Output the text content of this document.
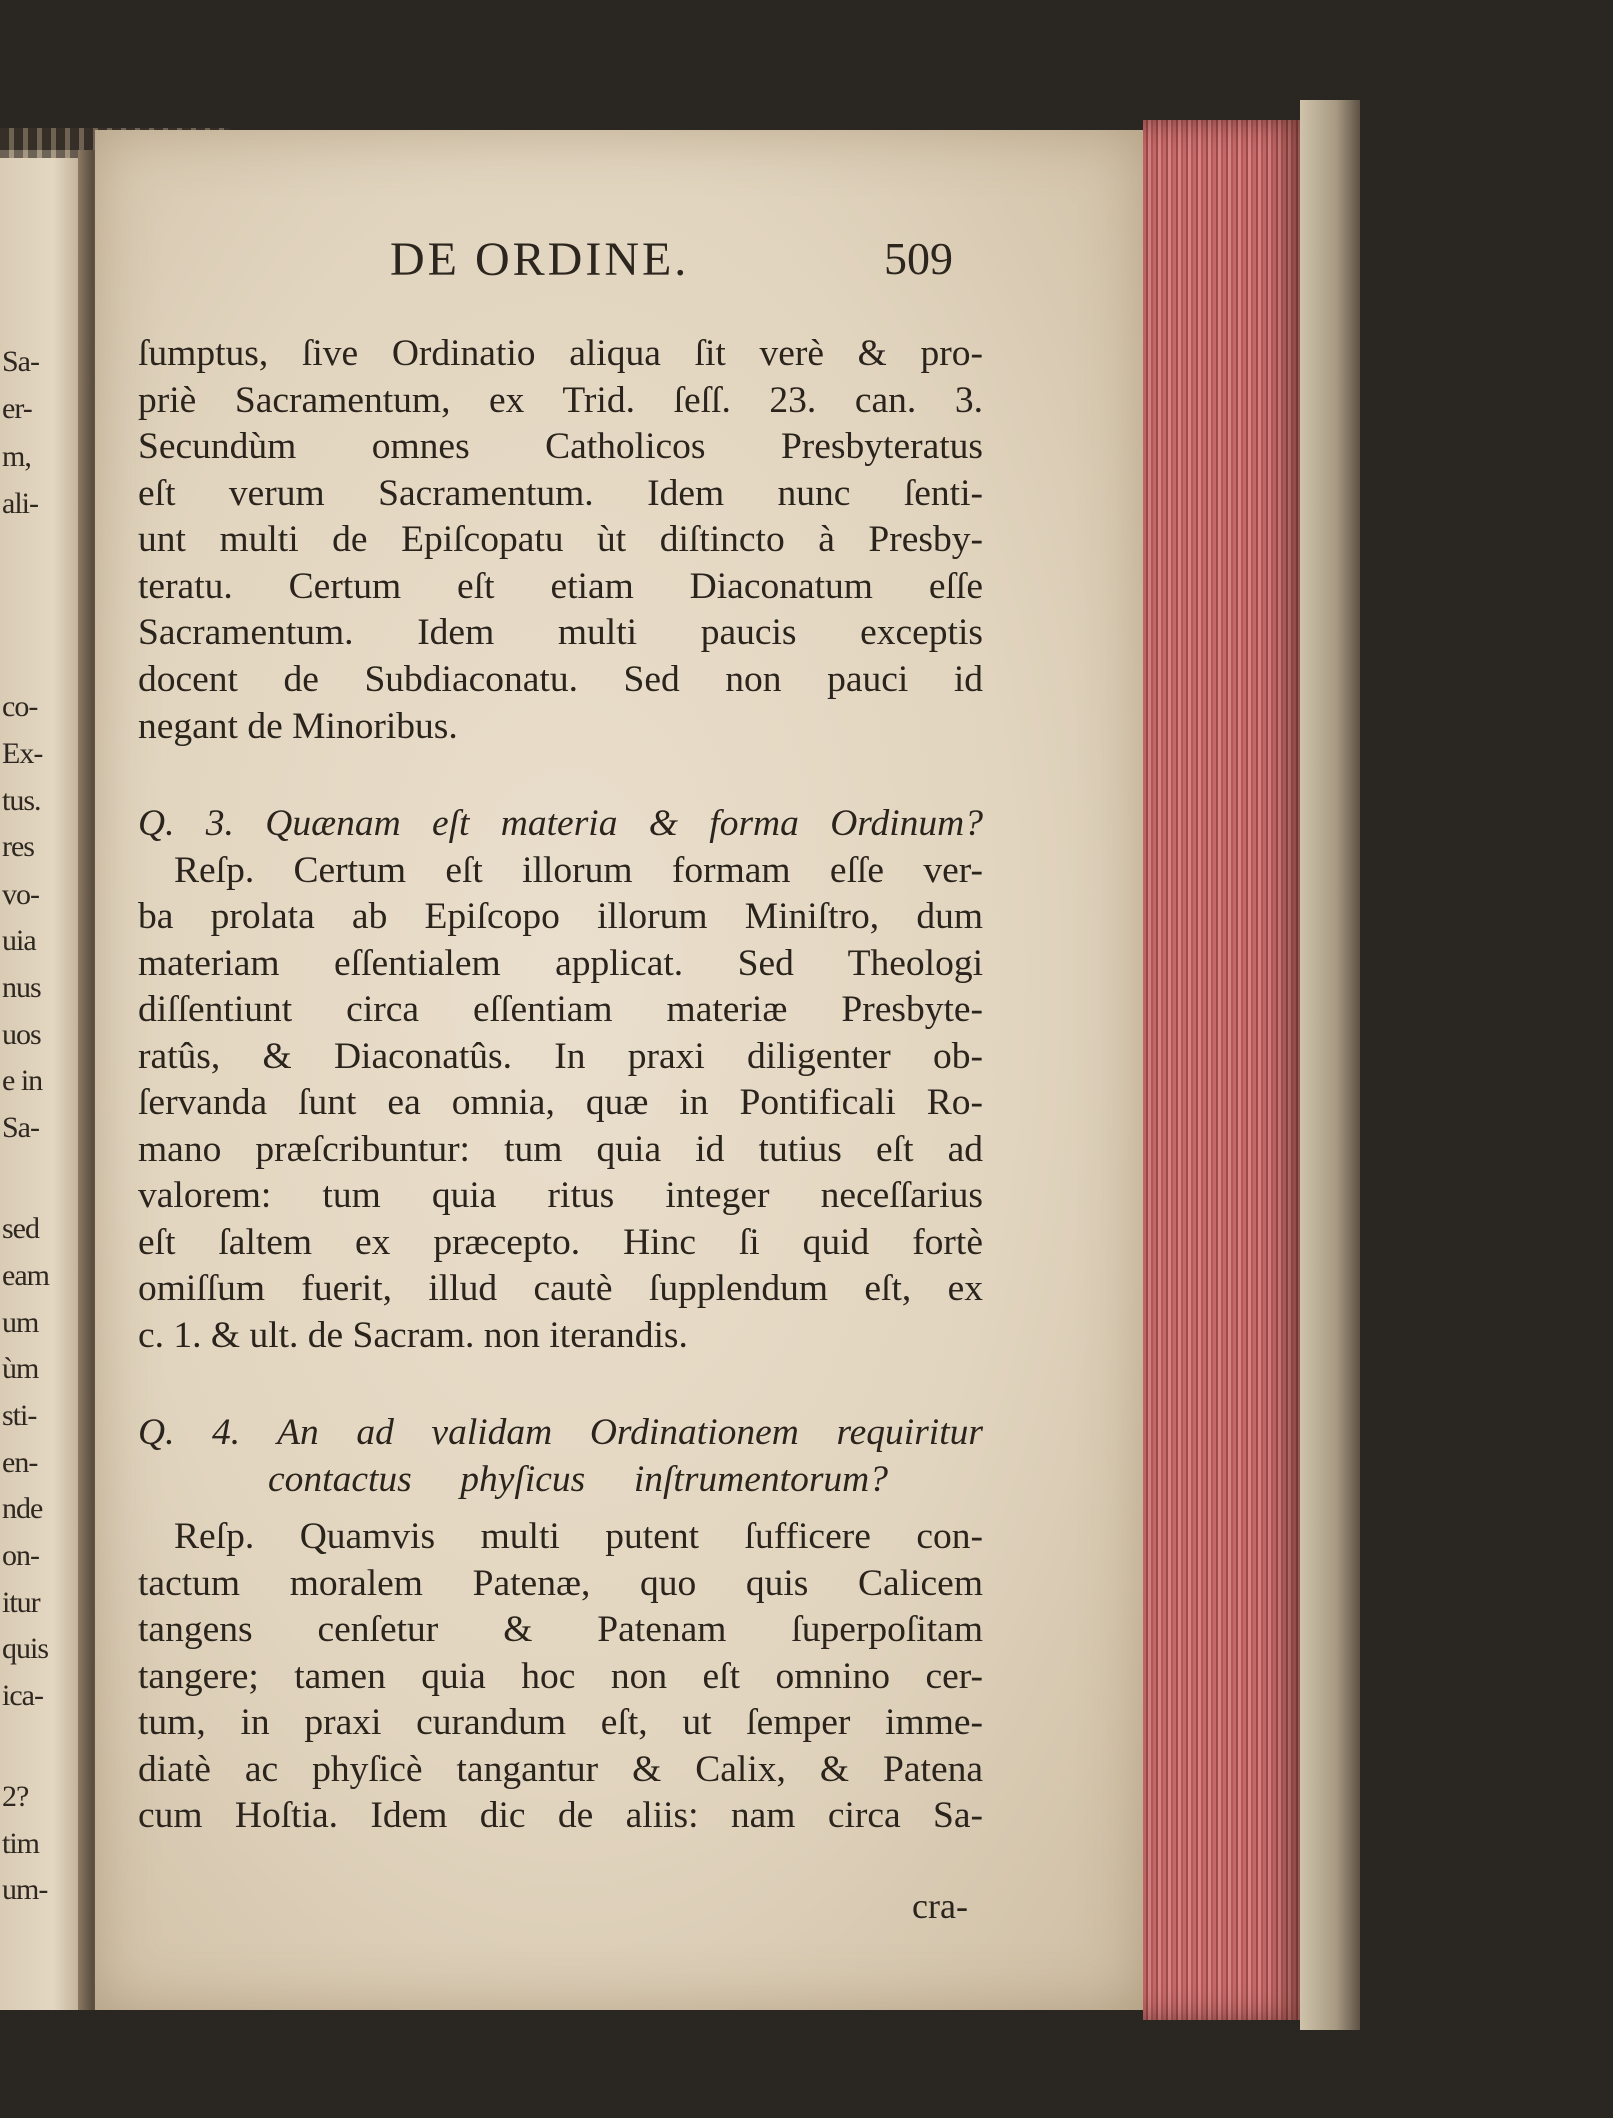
Sa-
er-
m,
ali-
co-
Ex-
tus.
res
vo-
uia
nus
uos
e in
Sa-
sed
eam
um
ùm
sti-
en-
nde
on-
itur
quis
ica-
2?
tim
um-
DE ORDINE.	509
ſumptus, ſive Ordinatio aliqua ſit verè & pro-
priè Sacramentum, ex Trid. ſeſſ. 23. can. 3.
Secundùm omnes Catholicos Presbyteratus
eſt verum Sacramentum. Idem nunc ſenti-
unt multi de Epiſcopatu ùt diſtincto à Presby-
teratu. Certum eſt etiam Diaconatum eſſe
Sacramentum. Idem multi paucis exceptis
docent de Subdiaconatu. Sed non pauci id
negant de Minoribus.
Q. 3. Quænam eſt materia & forma Ordinum?
Reſp. Certum eſt illorum formam eſſe ver-
ba prolata ab Epiſcopo illorum Miniſtro, dum
materiam eſſentialem applicat. Sed Theologi
diſſentiunt circa eſſentiam materiæ Presbyte-
ratûs, & Diaconatûs. In praxi diligenter ob-
ſervanda ſunt ea omnia, quæ in Pontificali Ro-
mano præſcribuntur: tum quia id tutius eſt ad
valorem: tum quia ritus integer neceſſarius
eſt ſaltem ex præcepto. Hinc ſi quid fortè
omiſſum fuerit, illud cautè ſupplendum eſt, ex
c. 1. & ult. de Sacram. non iterandis.
Q. 4. An ad validam Ordinationem requiritur
contactus phyſicus inſtrumentorum?
Reſp. Quamvis multi putent ſufficere con-
tactum moralem Patenæ, quo quis Calicem
tangens cenſetur & Patenam ſuperpoſitam
tangere; tamen quia hoc non eſt omnino cer-
tum, in praxi curandum eſt, ut ſemper imme-
diatè ac phyſicè tangantur & Calix, & Patena
cum Hoſtia. Idem dic de aliis: nam circa Sa-
cra-
